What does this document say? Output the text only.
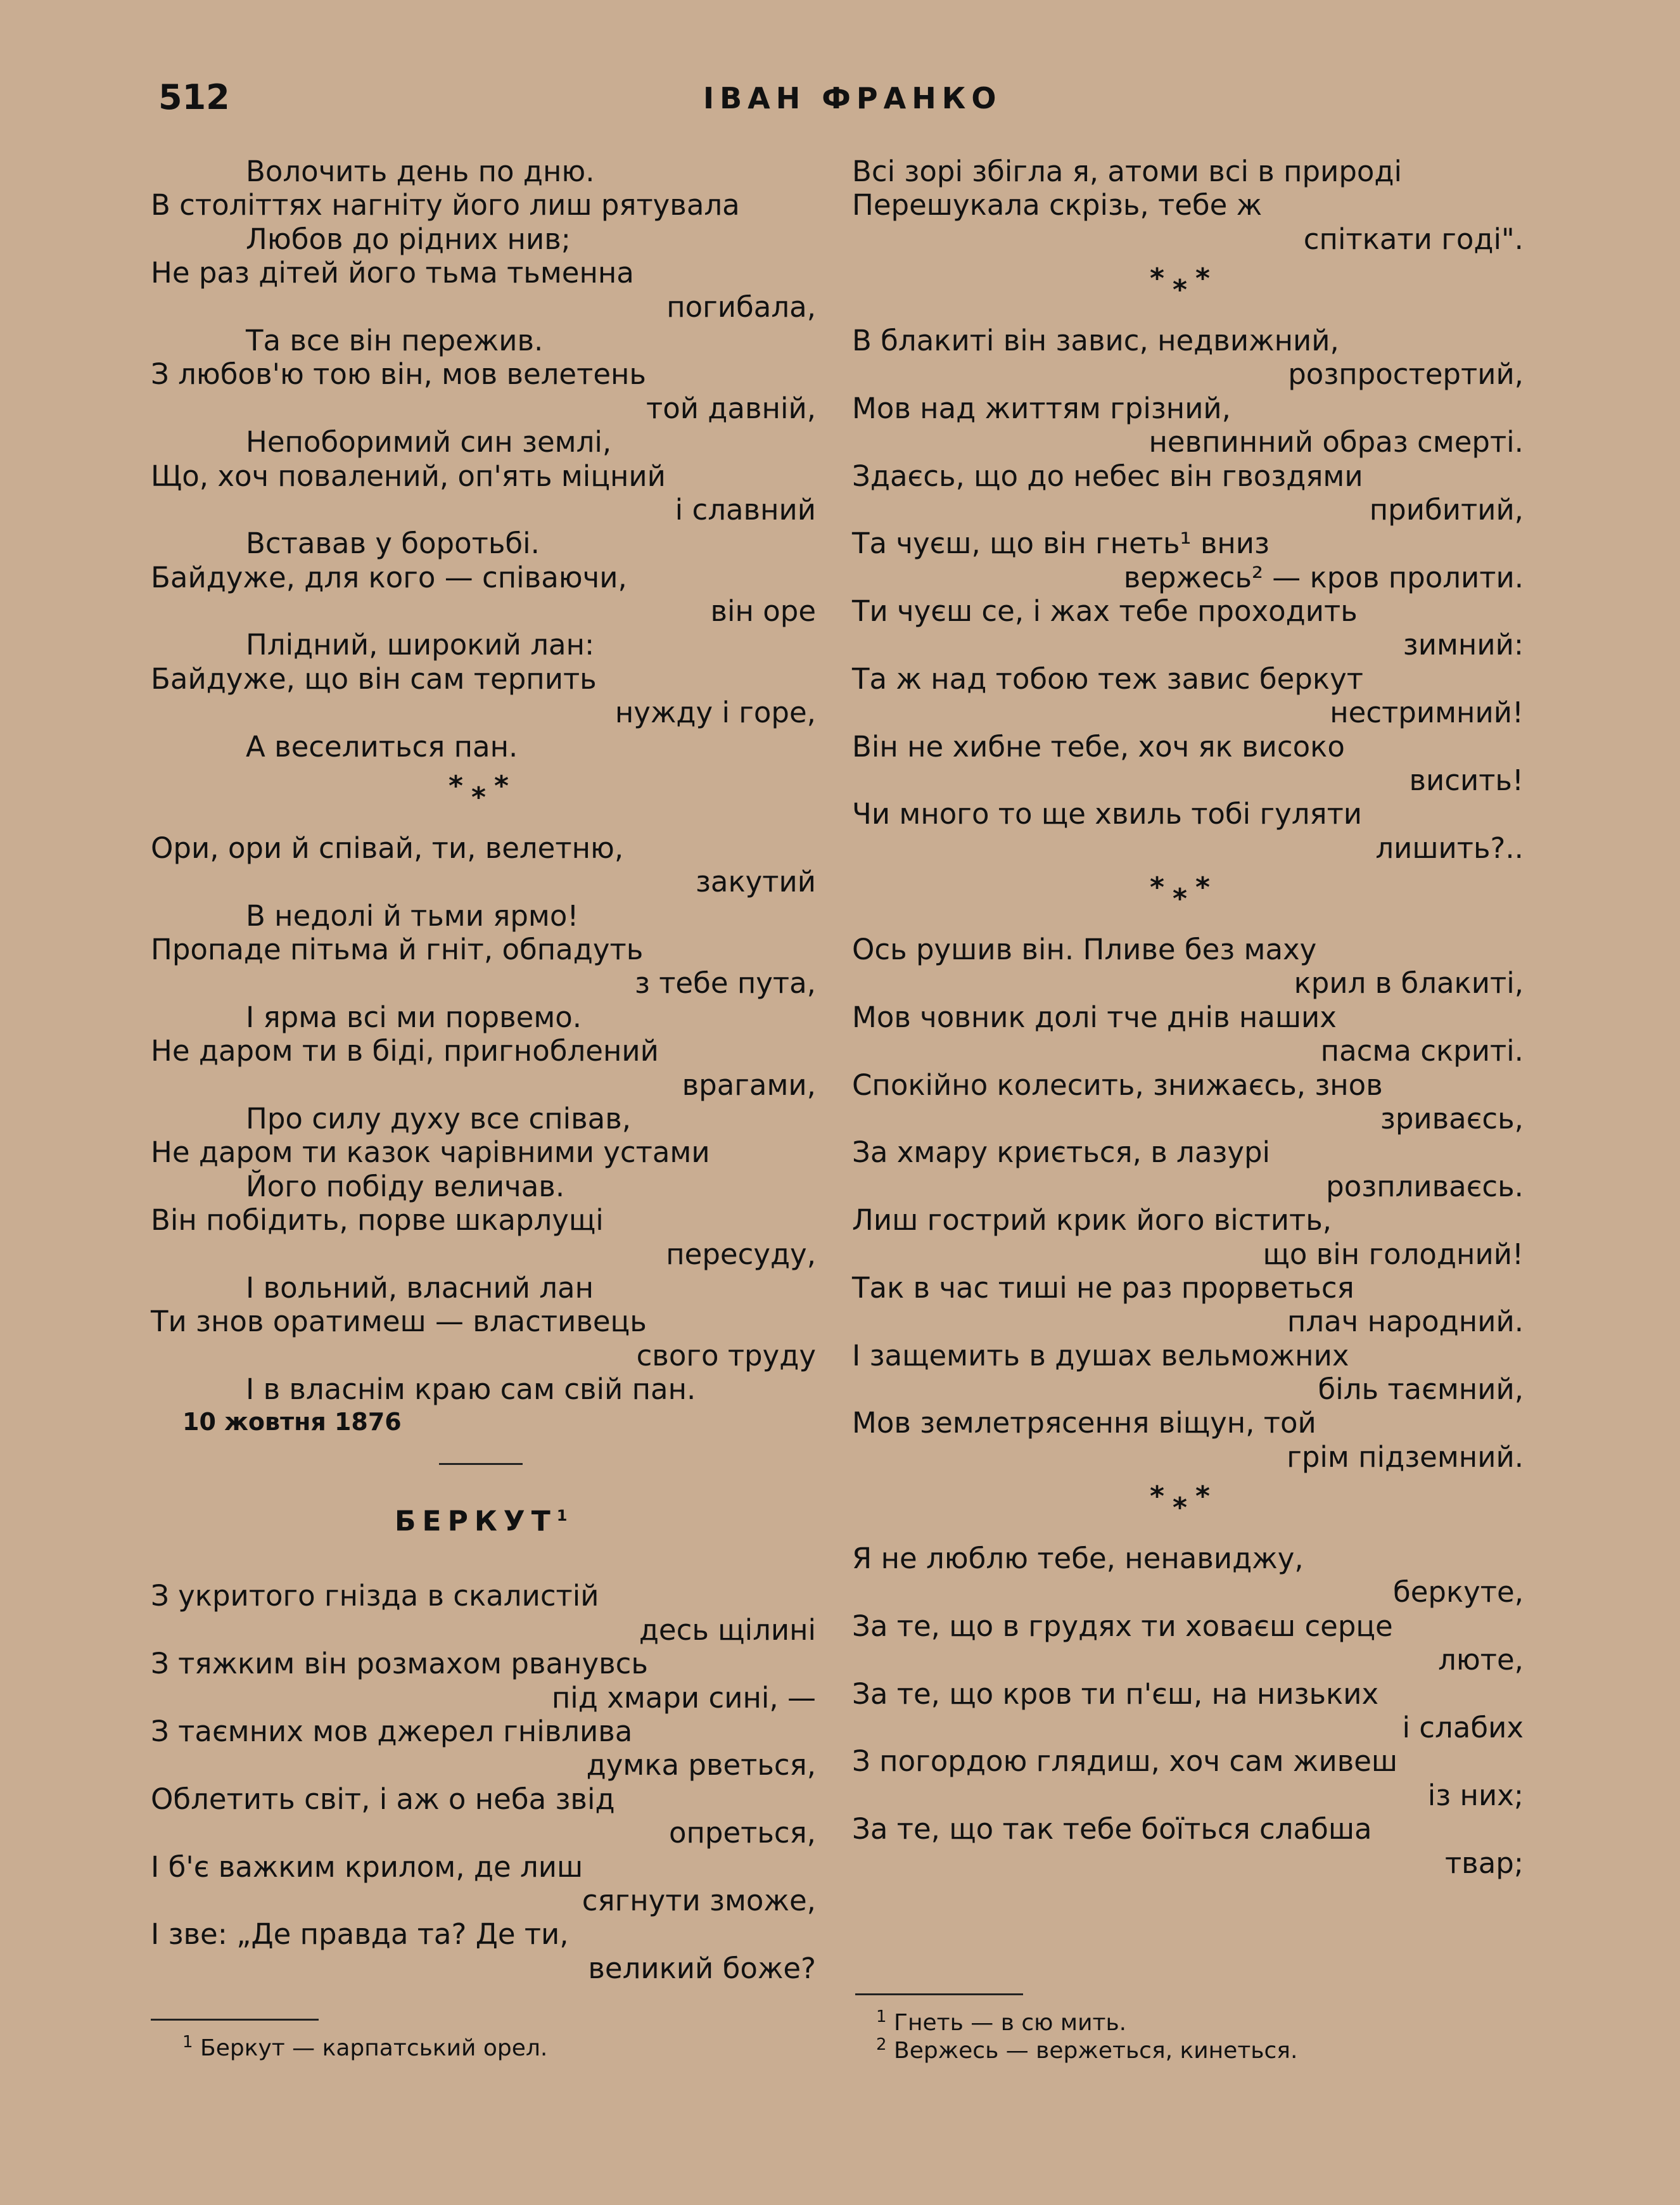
512	ІВАН ФРАНКО
Волочить день по дню.
В століттях нагніту його лиш рятувала
Любов до рідних нив;
Не раз дітей його тьма тьменна
погибала,
Та все він пережив.
З любов'ю тою він, мов велетень
той давній,
Непоборимий син землі,
Що, хоч повалений, оп'ять міцний
і славний
Вставав у боротьбі.
Байдуже, для кого — співаючи,
він оре
Плідний, широкий лан:
Байдуже, що він сам терпить
нужду і горе,
А веселиться пан.
* * *
Ори, ори й співай, ти, велетню,
закутий
В недолі й тьми ярмо!
Пропаде пітьма й гніт, обпадуть
з тебе пута,
І ярма всі ми порвемо.
Не даром ти в біді, пригноблений
врагами,
Про силу духу все співав,
Не даром ти казок чарівними устами
Його побіду величав.
Він побідить, порве шкарлущі
пересуду,
І вольний, власний лан
Ти знов оратимеш — властивець
свого труду
І в власнім краю сам свій пан.
10 жовтня 1876
БЕРКУТ$^1$
З укритого гнізда в скалистій
десь щілині
З тяжким він розмахом рванувсь
під хмари сині, —
З таємних мов джерел гнівлива
думка рветься,
Облетить світ, і аж о неба звід
опреться,
І б'є важким крилом, де лиш
сягнути зможе,
І зве: „Де правда та? Де ти,
великий боже?
Всі зорі збігла я, атоми всі в природі
Перешукала скрізь, тебе ж
спіткати годі".
* * *
В блакиті він завис, недвижний,
розпростертий,
Мов над життям грізний,
невпинний образ смерті.
Здаєсь, що до небес він гвоздями
прибитий,
Та чуєш, що він гнеть¹ вниз
вержесь² — кров пролити.
Ти чуєш се, і жах тебе проходить
зимний:
Та ж над тобою теж завис беркут
нестримний!
Він не хибне тебе, хоч як високо
висить!
Чи много то ще хвиль тобі гуляти
лишить?..
* * *
Ось рушив він. Пливе без маху
крил в блакиті,
Мов човник долі тче днів наших
пасма скриті.
Спокійно колесить, знижаєсь, знов
зриваєсь,
За хмару криється, в лазурі
розпливаєсь.
Лиш гострий крик його вістить,
що він голодний!
Так в час тиші не раз прорветься
плач народний.
І защемить в душах вельможних
біль таємний,
Мов землетрясення віщун, той
грім підземний.
* * *
Я не люблю тебе, ненавиджу,
беркуте,
За те, що в грудях ти ховаєш серце
люте,
За те, що кров ти п'єш, на низьких
і слабих
З погордою глядиш, хоч сам живеш
із них;
За те, що так тебе боїться слабша
твар;
$^1$ Беркут — карпатський орел.
$^1$ Гнеть — в сю мить.
$^2$ Вержесь — вержеться, кинеться.
